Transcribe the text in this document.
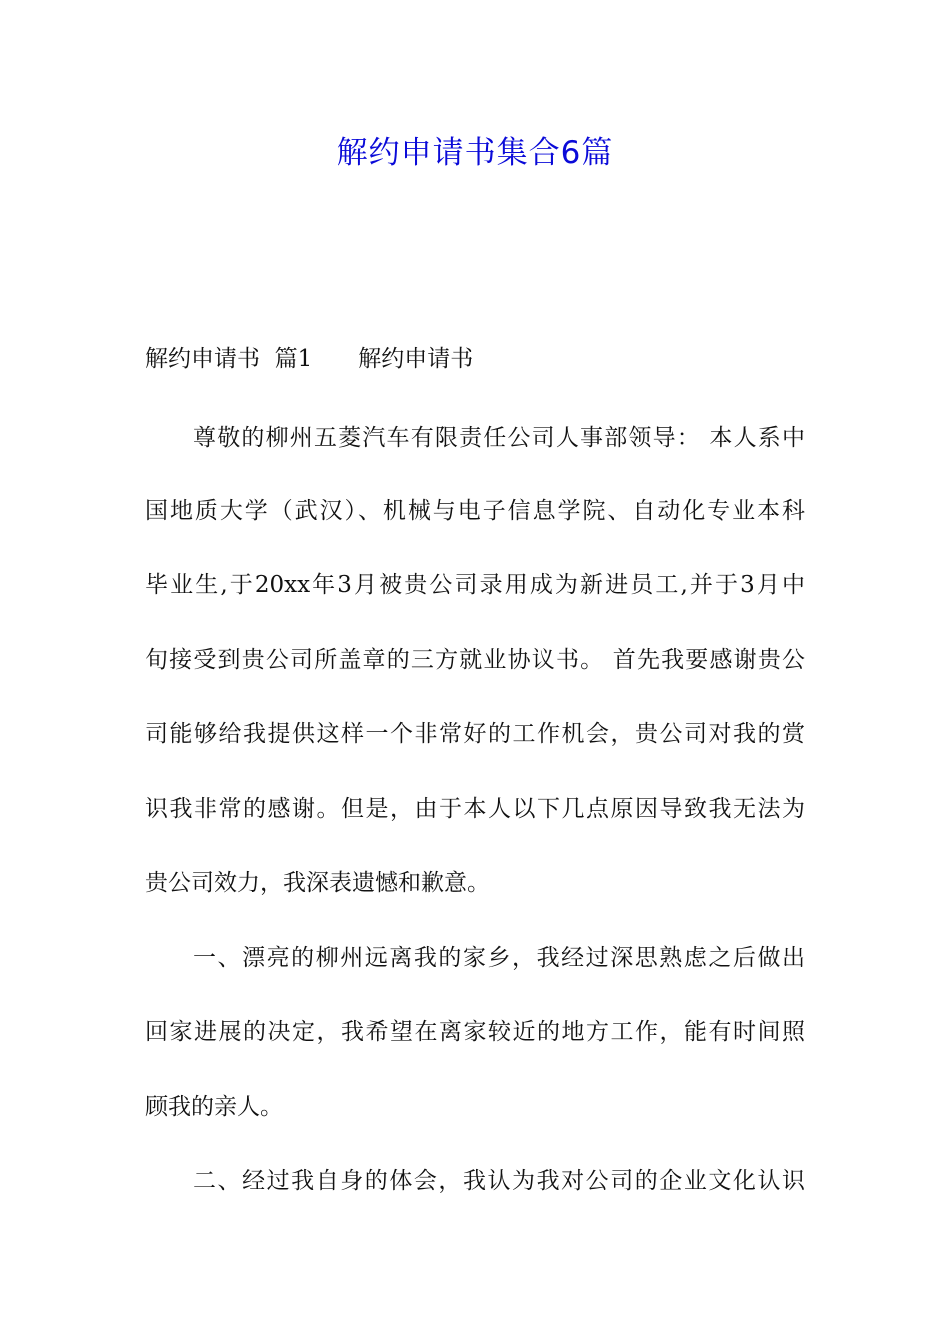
解约申请书集合6篇
解约申请书  篇1 解约申请书
尊敬的柳州五菱汽车有限责任公司人事部领导： 本人系中
国地质大学（武汉）、机械与电子信息学院、自动化专业本科
毕业生,于20xx年3月被贵公司录用成为新进员工,并于3月中
旬接受到贵公司所盖章的三方就业协议书。 首先我要感谢贵公
司能够给我提供这样一个非常好的工作机会，贵公司对我的赏
识我非常的感谢。但是，由于本人以下几点原因导致我无法为
贵公司效力，我深表遗憾和歉意。
一、漂亮的柳州远离我的家乡，我经过深思熟虑之后做出
回家进展的决定，我希望在离家较近的地方工作，能有时间照
顾我的亲人。
二、经过我自身的体会，我认为我对公司的企业文化认识
